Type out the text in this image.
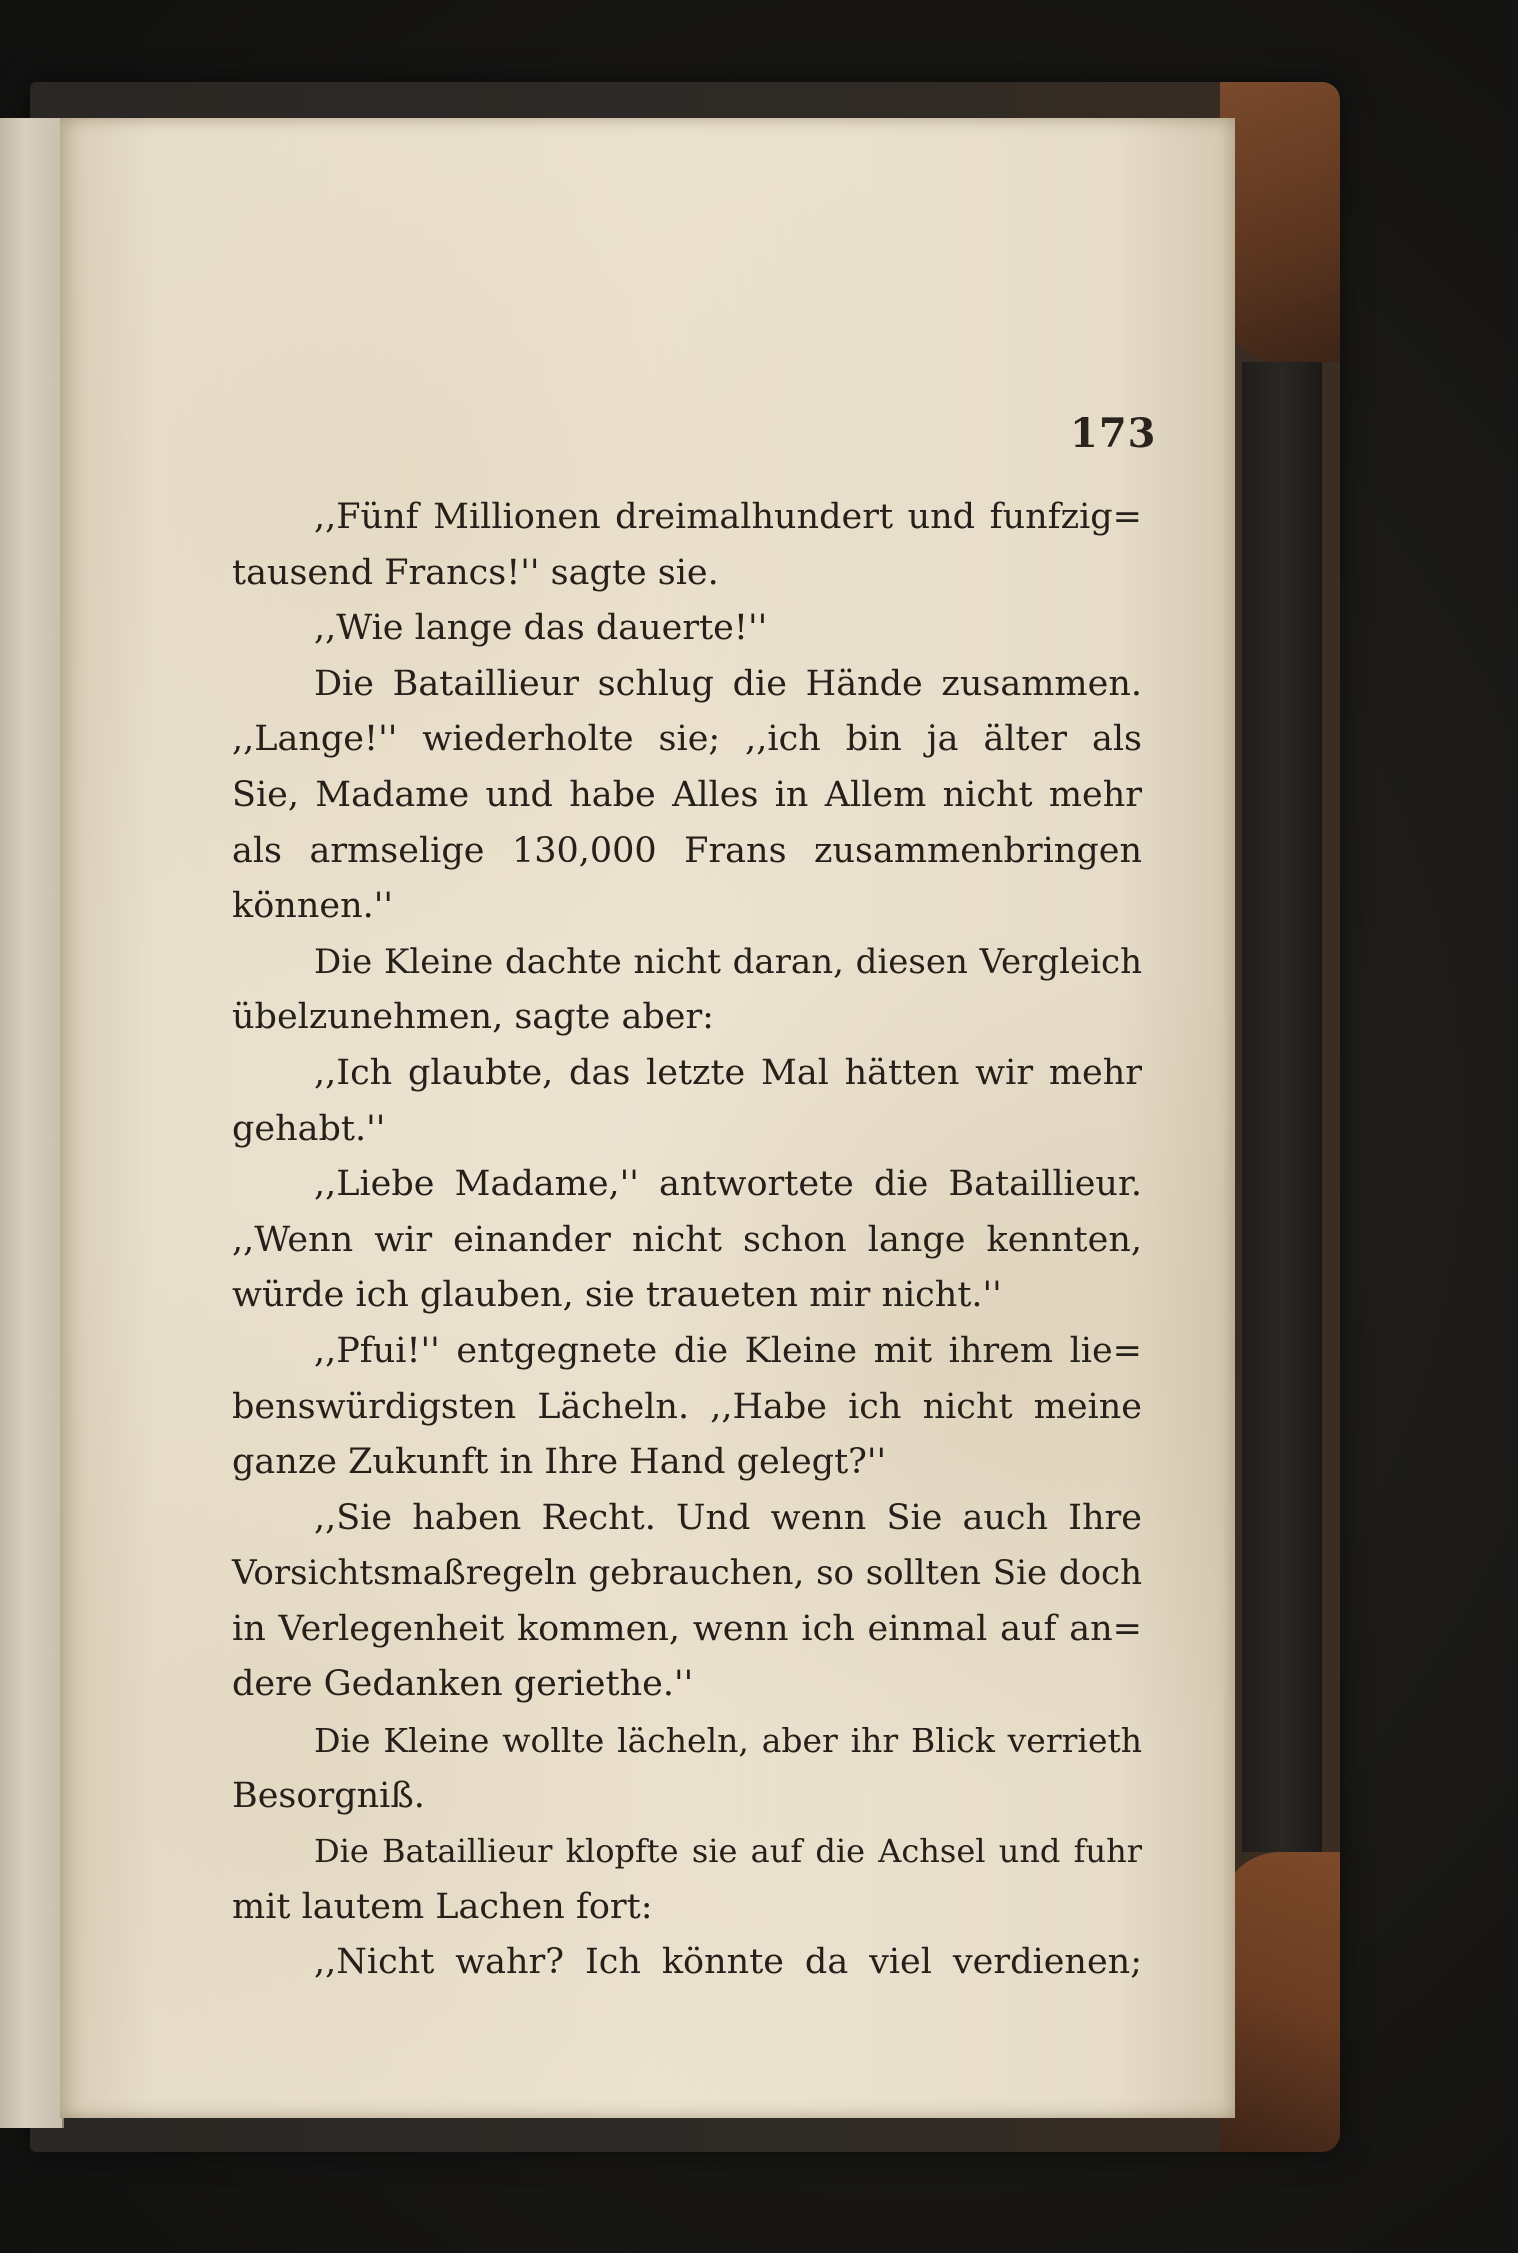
173
,,Fünf Millionen dreimalhundert und funfzig=
tausend Francs!'' sagte sie.
,,Wie lange das dauerte!''
Die Bataillieur schlug die Hände zusammen.
,,Lange!'' wiederholte sie; ,,ich bin ja älter als
Sie, Madame und habe Alles in Allem nicht mehr
als armselige 130,000 Frans zusammenbringen
können.''
Die Kleine dachte nicht daran, diesen Vergleich
übelzunehmen, sagte aber:
,,Ich glaubte, das letzte Mal hätten wir mehr
gehabt.''
,,Liebe Madame,'' antwortete die Bataillieur.
,,Wenn wir einander nicht schon lange kennten,
würde ich glauben, sie traueten mir nicht.''
,,Pfui!'' entgegnete die Kleine mit ihrem lie=
benswürdigsten Lächeln. ,,Habe ich nicht meine
ganze Zukunft in Ihre Hand gelegt?''
,,Sie haben Recht. Und wenn Sie auch Ihre
Vorsichtsmaßregeln gebrauchen, so sollten Sie doch
in Verlegenheit kommen, wenn ich einmal auf an=
dere Gedanken geriethe.''
Die Kleine wollte lächeln, aber ihr Blick verrieth
Besorgniß.
Die Bataillieur klopfte sie auf die Achsel und fuhr
mit lautem Lachen fort:
,,Nicht wahr? Ich könnte da viel verdienen;
